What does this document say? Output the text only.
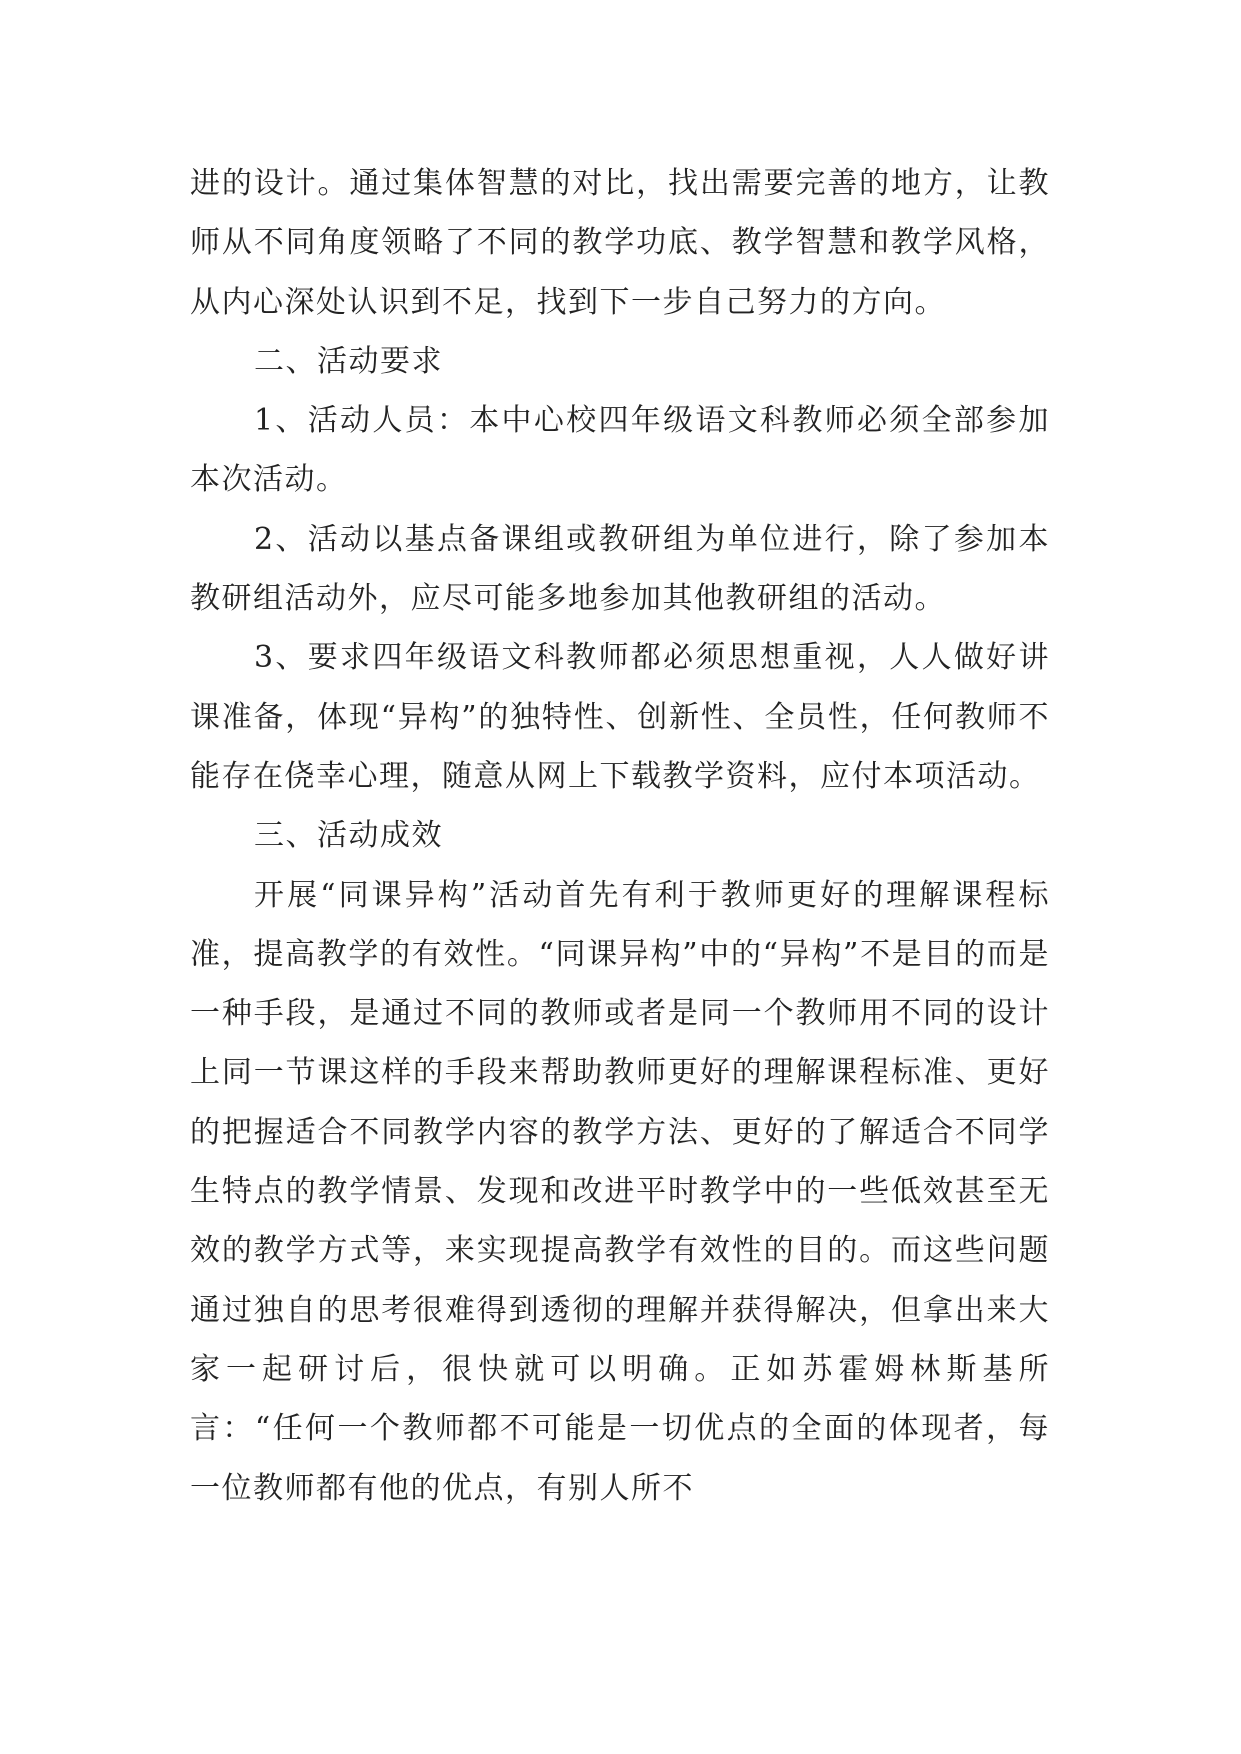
进的设计。通过集体智慧的对比，找出需要完善的地方，让教师从不同角度领略了不同的教学功底、教学智慧和教学风格，从内心深处认识到不足，找到下一步自己努力的方向。

二、活动要求

1、活动人员：本中心校四年级语文科教师必须全部参加本次活动。

2、活动以基点备课组或教研组为单位进行，除了参加本教研组活动外，应尽可能多地参加其他教研组的活动。

3、要求四年级语文科教师都必须思想重视，人人做好讲课准备，体现“异构”的独特性、创新性、全员性，任何教师不能存在侥幸心理，随意从网上下载教学资料，应付本项活动。

三、活动成效

开展“同课异构”活动首先有利于教师更好的理解课程标准，提高教学的有效性。“同课异构”中的“异构”不是目的而是一种手段，是通过不同的教师或者是同一个教师用不同的设计上同一节课这样的手段来帮助教师更好的理解课程标准、更好的把握适合不同教学内容的教学方法、更好的了解适合不同学生特点的教学情景、发现和改进平时教学中的一些低效甚至无效的教学方式等，来实现提高教学有效性的目的。而这些问题通过独自的思考很难得到透彻的理解并获得解决，但拿出来大家一起研讨后，很快就可以明确。正如苏霍姆林斯基所言：“任何一个教师都不可能是一切优点的全面的体现者，每一位教师都有他的优点，有别人所不
